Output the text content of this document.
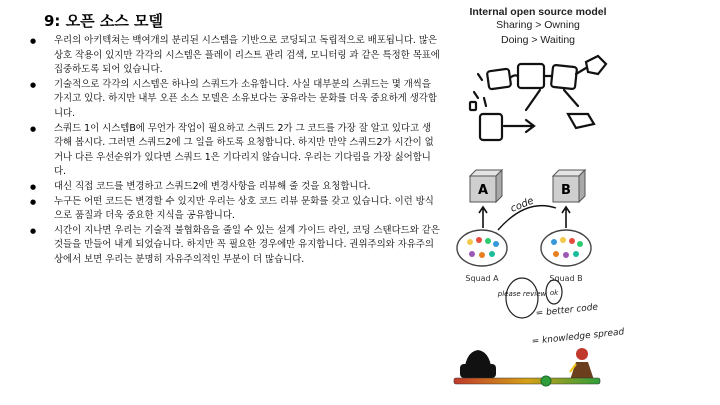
9: 오픈 소스 모델
● 우리의 아키텍쳐는 백여개의 분리된 시스템을 기반으로 코딩되고 독립적으로 배포됩니다. 많은 상호 작용이 있지만 각각의 시스템은 플레이 리스트 관리 검색, 모니터링 과 같은 특정한 목표에 집중하도록 되어 있습니다.
● 기술적으로 각각의 시스템은 하나의 스쿼드가 소유합니다. 사실 대부분의 스쿼드는 몇 개씩을 가지고 있다. 하지만 내부 오픈 소스 모델은 소유보다는 공유라는 문화를 더욱 중요하게 생각합니다.
● 스쿼드 1이 시스템B에 무언가 작업이 필요하고 스쿼드 2가 그 코드를 가장 잘 알고 있다고 생각해 봅시다. 그러면 스쿼드2에 그 일을 하도록 요청합니다. 하지만 만약 스쿼드2가 시간이 없거나 다른 우선순위가 있다면 스쿼드 1은 기다리지 않습니다. 우리는 기다림을 가장 싫어합니다.
● 대신 직접 코드를 변경하고 스쿼드2에 변경사항을 리뷰해 줄 것을 요청합니다.
● 누구든 어떤 코드든 변경할 수 있지만 우리는 상호 코드 리뷰 문화를 갖고 있습니다. 이런 방식으로 품질과 더욱 중요한 지식을 공유합니다.
● 시간이 지나면 우리는 기술적 불협화음을 줄일 수 있는 설계 가이드 라인, 코딩 스탠다드와 같은 것들을 만들어 내게 되었습니다. 하지만 꼭 필요한 경우에만 유지합니다. 권위주의와 자유주의 상에서 보면 우리는 분명히 자유주의적인 부분이 더 많습니다.
Internal open source model
Sharing > Owning
Doing > Waiting
A	B
code
Squad A	Squad B
please review ok
= better code
= knowledge spread
